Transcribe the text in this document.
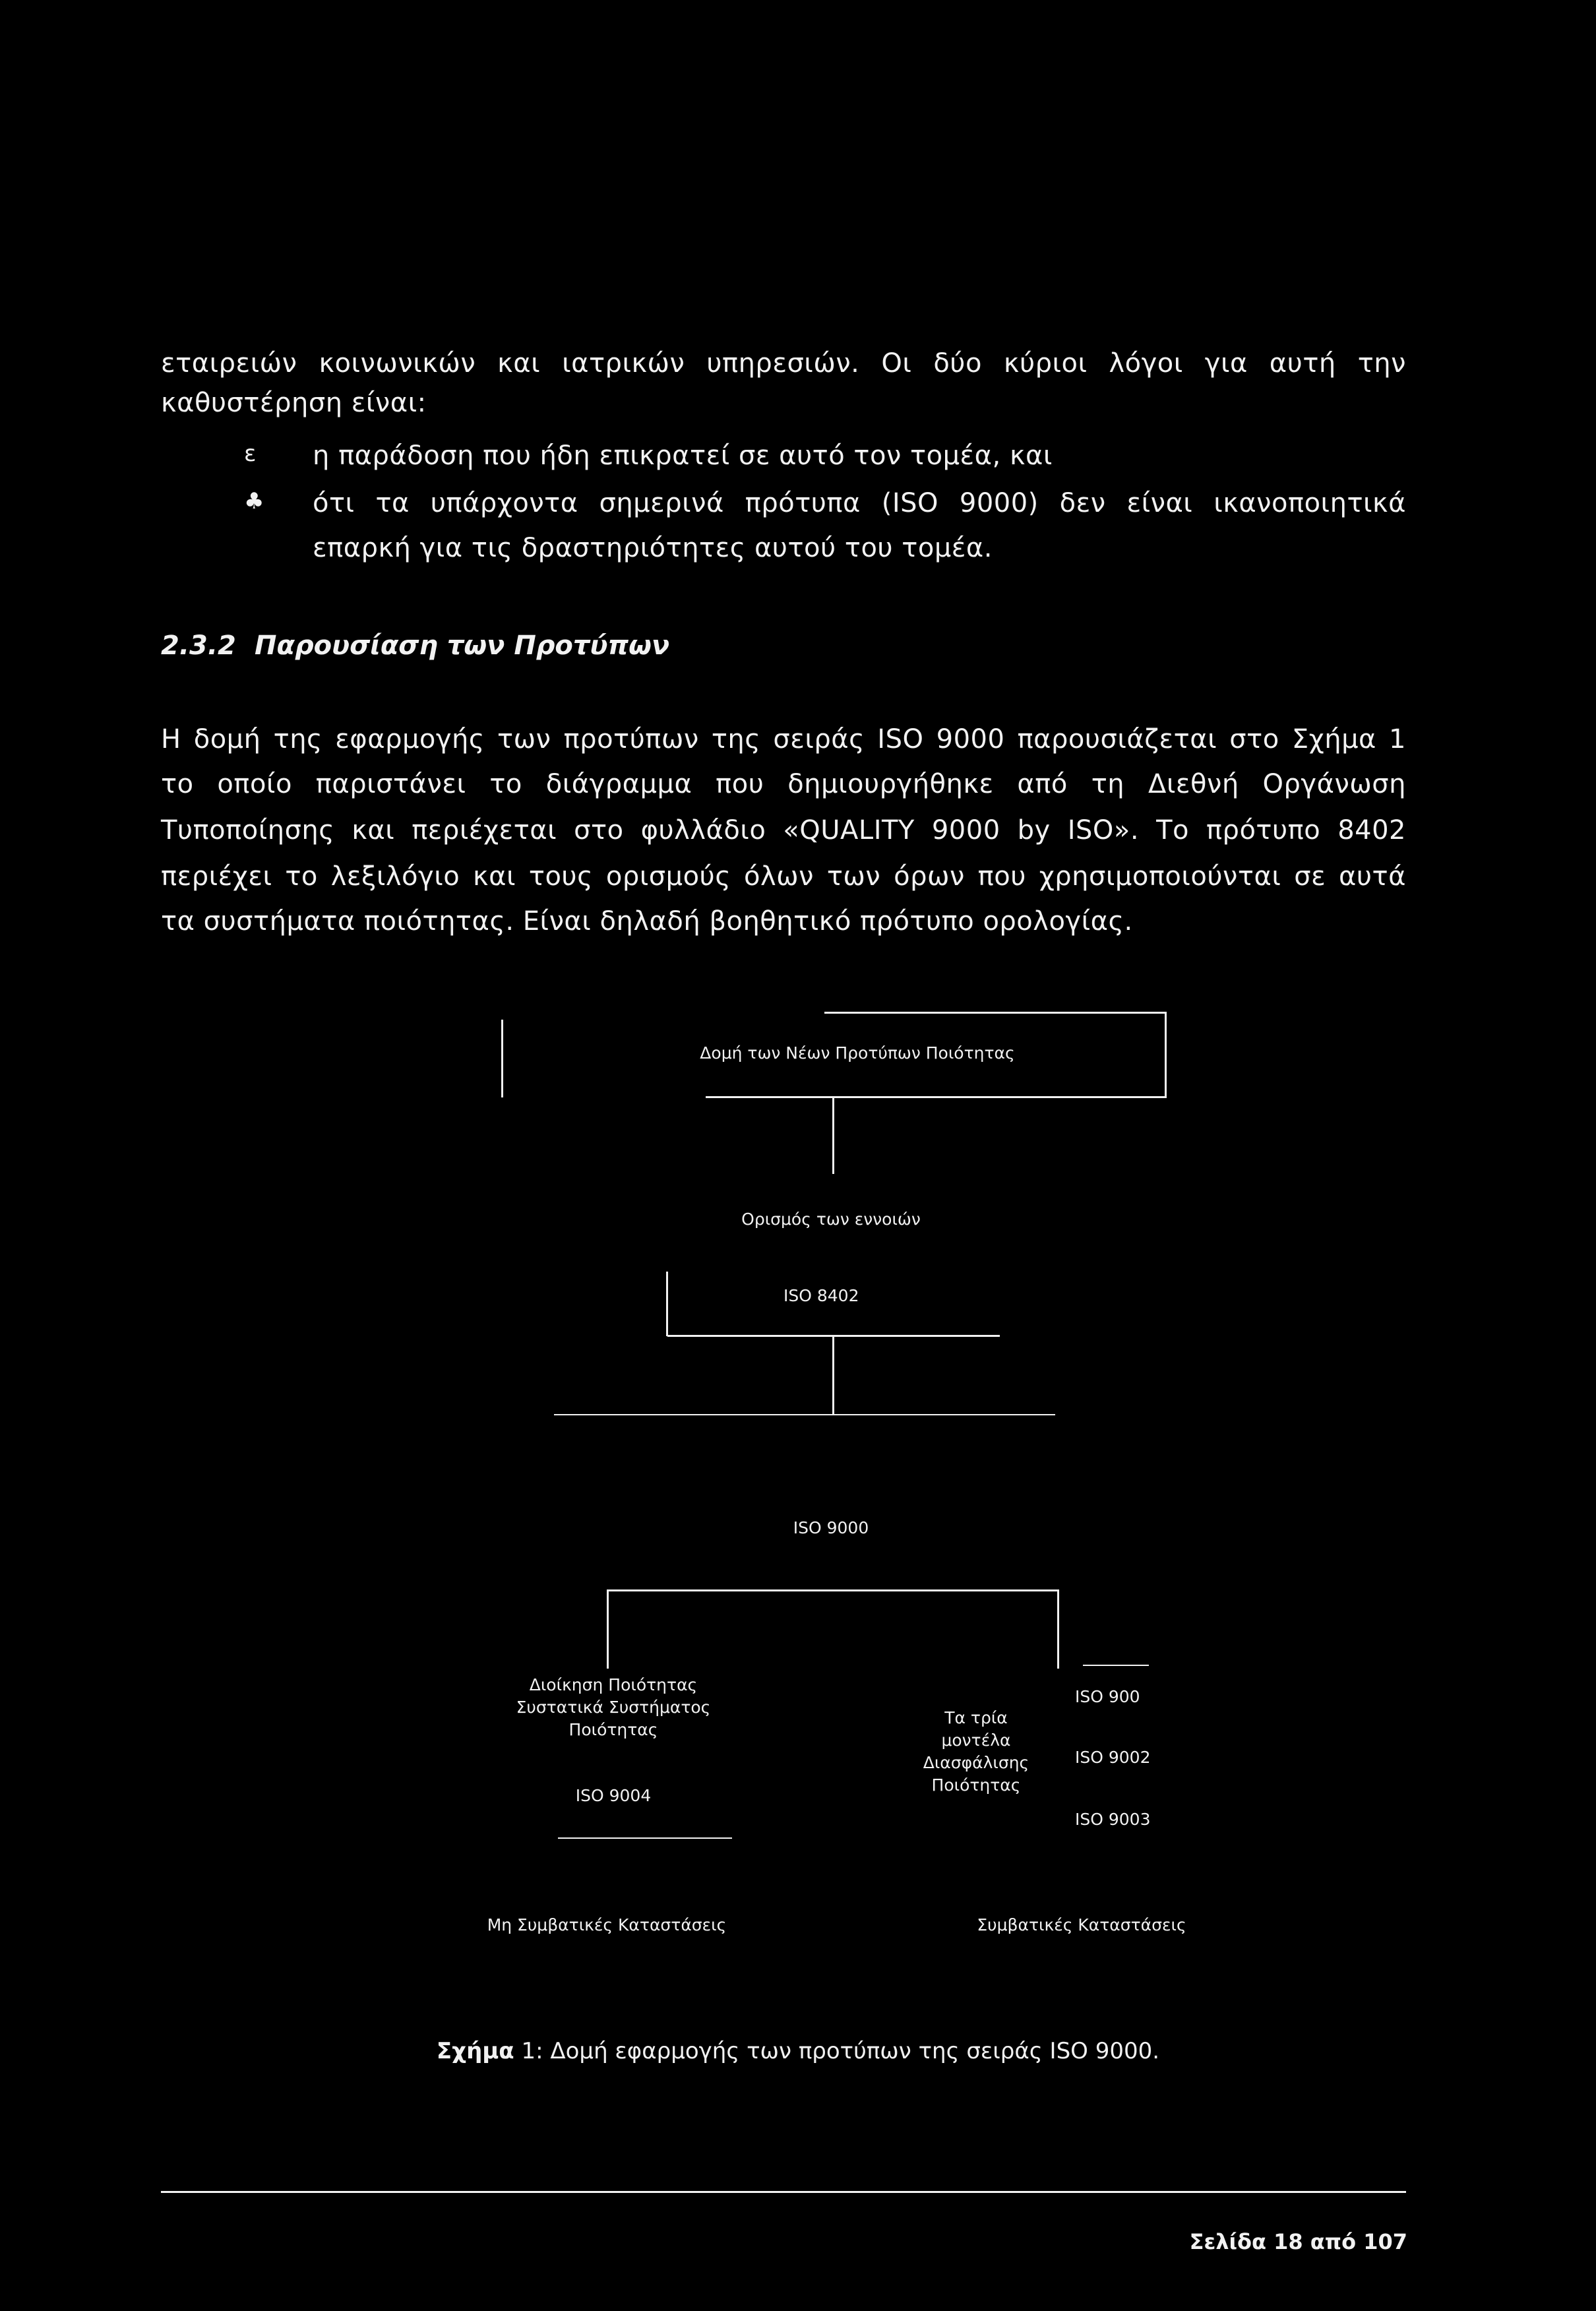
εταιρειών κοινωνικών και ιατρικών υπηρεσιών. Οι δύο κύριοι λόγοι για αυτή την
καθυστέρηση είναι:
ε η παράδοση που ήδη επικρατεί σε αυτό τον τομέα, και
♣ ότι τα υπάρχοντα σημερινά πρότυπα (ISO 9000) δεν είναι ικανοποιητικά
επαρκή για τις δραστηριότητες αυτού του τομέα.
2.3.2 Παρουσίαση των Προτύπων
Η δομή της εφαρμογής των προτύπων της σειράς ISO 9000 παρουσιάζεται στο Σχήμα 1
το οποίο παριστάνει το διάγραμμα που δημιουργήθηκε από τη Διεθνή Οργάνωση
Τυποποίησης και περιέχεται στο φυλλάδιο «QUALITY 9000 by ISO». Το πρότυπο 8402
περιέχει το λεξιλόγιο και τους ορισμούς όλων των όρων που χρησιμοποιούνται σε αυτά
τα συστήματα ποιότητας. Είναι δηλαδή βοηθητικό πρότυπο ορολογίας.
Δομή των Νέων Προτύπων Ποιότητας
Ορισμός των εννοιών
ISO 8402
ISO 9000
Διοίκηση Ποιότητας
Συστατικά Συστήματος
Ποιότητας
ISO 9004
Τα τρία
μοντέλα
Διασφάλισης
Ποιότητας
ISO 900
ISO 9002
ISO 9003
Μη Συμβατικές Καταστάσεις	Συμβατικές Καταστάσεις
Σχήμα 1: Δομή εφαρμογής των προτύπων της σειράς ISO 9000.
Σελίδα 18 από 107
